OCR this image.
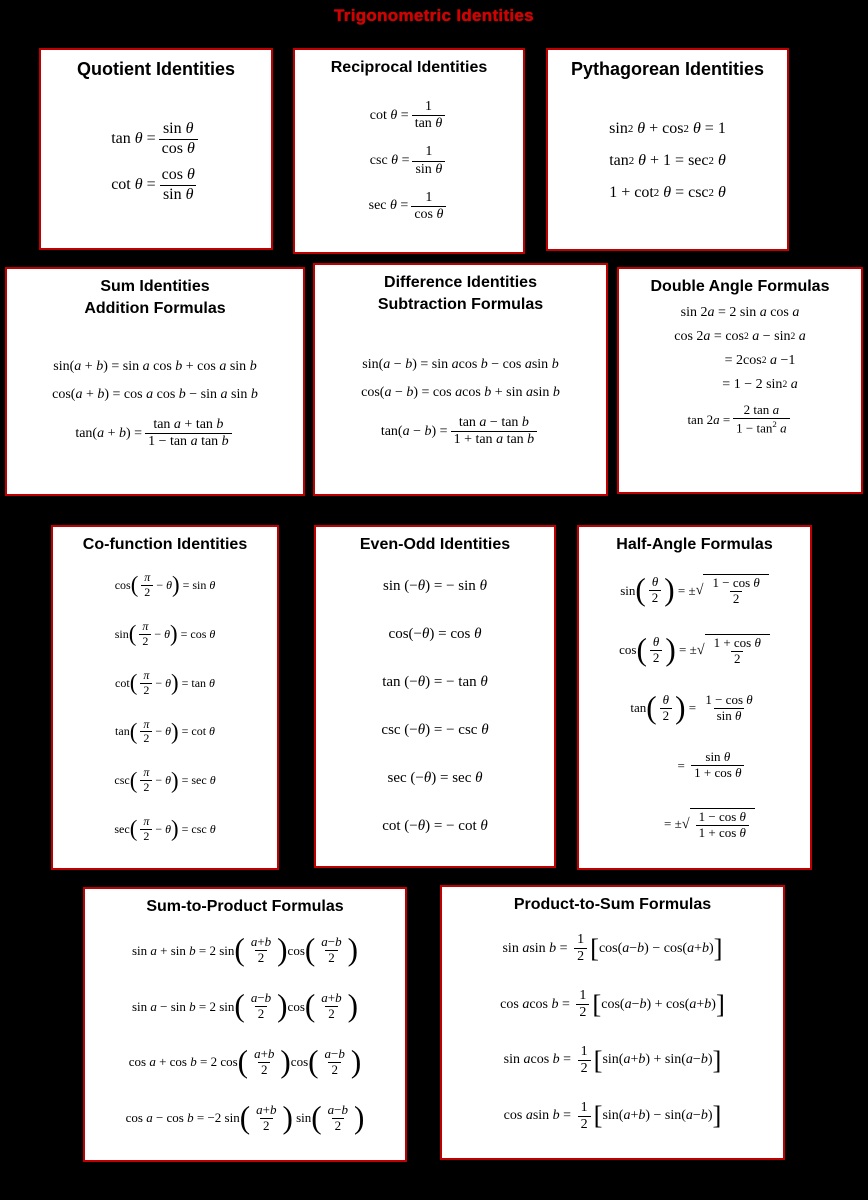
Trigonometric Identities
Quotient Identities
$\tan \theta = \frac{\text{sin θ}}{\text{cos θ}}$
$\cot \theta = \frac{\text{cos θ}}{\text{sin θ}}$
Reciprocal Identities
$\cot \theta = \frac{1}{\text{tan θ}}$
$\csc \theta = \frac{1}{\text{sin θ}}$
$\sec \theta = \frac{1}{\text{cos θ}}$
Pythagorean Identities
sin 2
θ + cos 2
θ = 1
tan 2
θ + 1 = sec 2
θ
1 + cot 2
θ = csc 2
θ
Sum Identities
Addition Formulas
sin( a + b ) = sin a cos b + cos a sin b
cos( a + b ) = cos a cos b − sin a sin b
$\tan(a + b) = \frac{\text{tan a + tan b}}{\text{1 − tan a tan b}}$
Difference Identities
Subtraction Formulas
sin( a − b ) = sin a cos b − cos a sin b
cos( a − b ) = cos a cos b + sin a sin b
$\tan(a - b) = \frac{\text{tan a − tan b}}{\text{1 + tan a tan b}}$
Double Angle Formulas
sin 2 a = 2 sin a cos a
cos 2 a = cos 2
a − sin 2
a
= 2cos 2
a −1
= 1 − 2 sin 2
a
$\tan 2a = \frac{\text{2 tan a}}{1 - \tan^2 a}$
Co-function Identities
cos ( $\frac{\pi}{2} - \theta$ ) = sin θ
sin ( $\frac{\pi}{2} - \theta$ ) = cos θ
cot ( $\frac{\pi}{2} - \theta$ ) = tan θ
tan ( $\frac{\pi}{2} - \theta$ ) = cot θ
csc ( $\frac{\pi}{2} - \theta$ ) = sec θ
sec ( $\frac{\pi}{2} - \theta$ ) = csc θ
Even-Odd Identities
sin (− θ ) = − sin θ
cos(− θ ) = cos θ
tan (− θ ) = − tan θ
csc (− θ ) = − csc θ
sec (− θ ) = sec θ
cot (− θ ) = − cot θ
Half-Angle Formulas
sin ( $\frac{\theta}{2}$ ) = ± √ $\frac{\text{1 − cos θ}}{2}$
cos ( $\frac{\theta}{2}$ ) = ± √ $\frac{\text{1 + cos θ}}{2}$
tan ( $\frac{\theta}{2}$ ) = $\frac{\text{1 − cos θ}}{\text{sin θ}}$
= $\frac{\text{sin θ}}{\text{1 + cos θ}}$
= ± √ $\frac{\text{1 − cos θ}}{\text{1 + cos θ}}$
Sum-to-Product Formulas
sin a + sin b = 2 sin ( $\frac{a+b}{2}$ ) cos ( $\frac{a-b}{2}$ )
sin a − sin b = 2 sin ( $\frac{a-b}{2}$ ) cos ( $\frac{a+b}{2}$ )
cos a + cos b = 2 cos ( $\frac{a+b}{2}$ ) cos ( $\frac{a-b}{2}$ )
cos a − cos b = −2 sin ( $\frac{a+b}{2}$ ) sin ( $\frac{a-b}{2}$ )
Product-to-Sum Formulas
sin asin $b = \frac{1}{2}$ [ cos(a−b) − cos(a+b) ]
cos acos $b = \frac{1}{2}$ [ cos(a−b) + cos(a+b) ]
sin acos $b = \frac{1}{2}$ [ sin(a+b) + sin(a−b) ]
cos asin $b = \frac{1}{2}$ [ sin(a+b) − sin(a−b) ]
